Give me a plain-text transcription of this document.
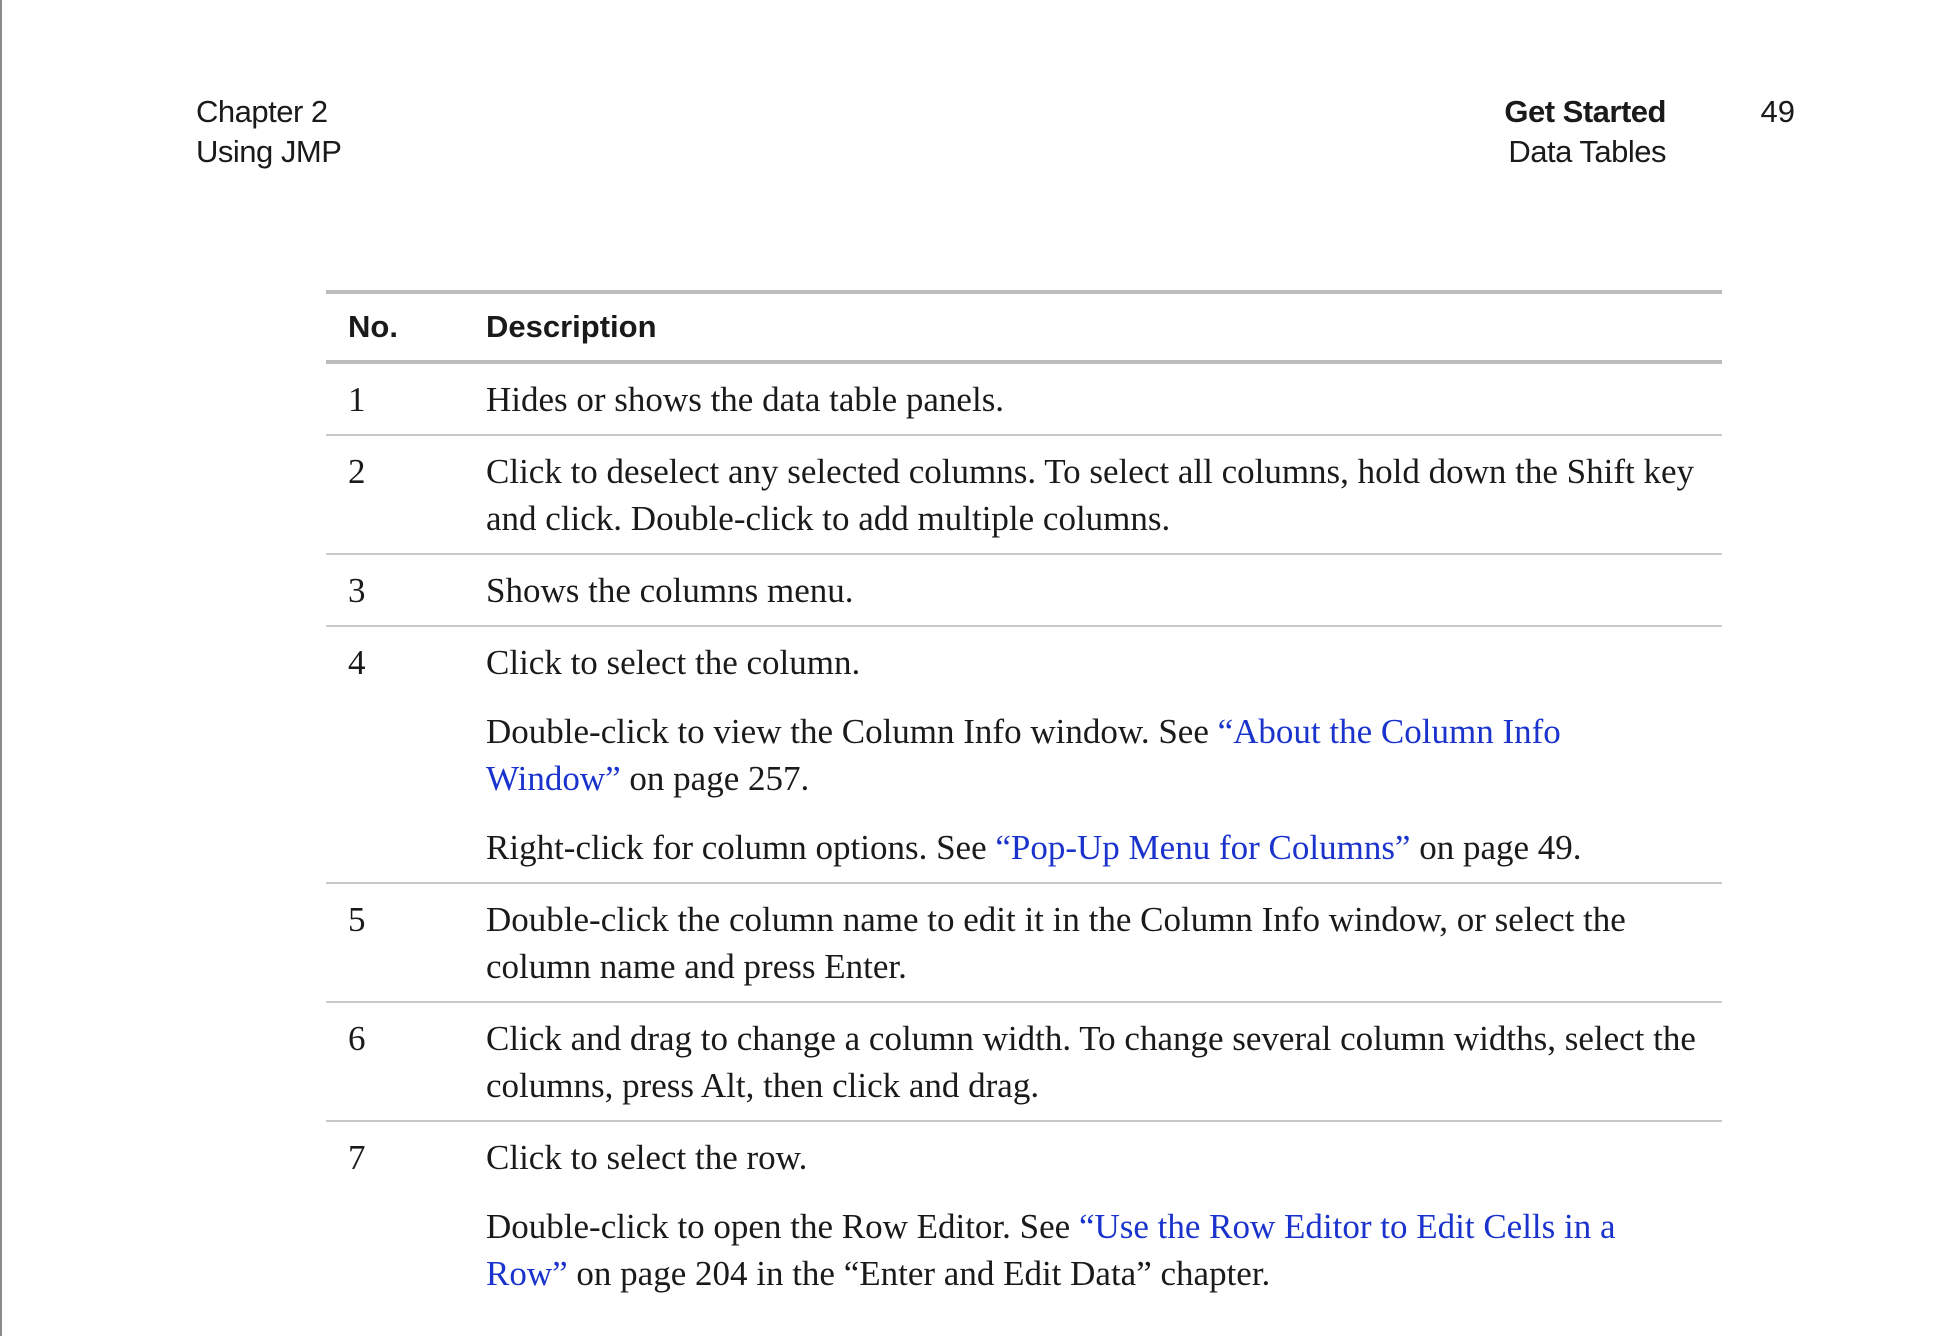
Chapter 2
Using JMP
Get Started
Data Tables
49
No.	Description
1	Hides or shows the data table panels.

2	Click to deselect any selected columns. To select all columns, hold down the Shift key and click. Double-click to add multiple columns.

3	Shows the columns menu.

4	Click to select the column.

Double-click to view the Column Info window. See “About the Column Info Window” on page 257.

Right-click for column options. See “Pop-Up Menu for Columns” on page 49.

5	Double-click the column name to edit it in the Column Info window, or select the column name and press Enter.

6	Click and drag to change a column width. To change several column widths, select the columns, press Alt, then click and drag.

7	Click to select the row.

Double-click to open the Row Editor. See “Use the Row Editor to Edit Cells in a Row” on page 204 in the “Enter and Edit Data” chapter.
